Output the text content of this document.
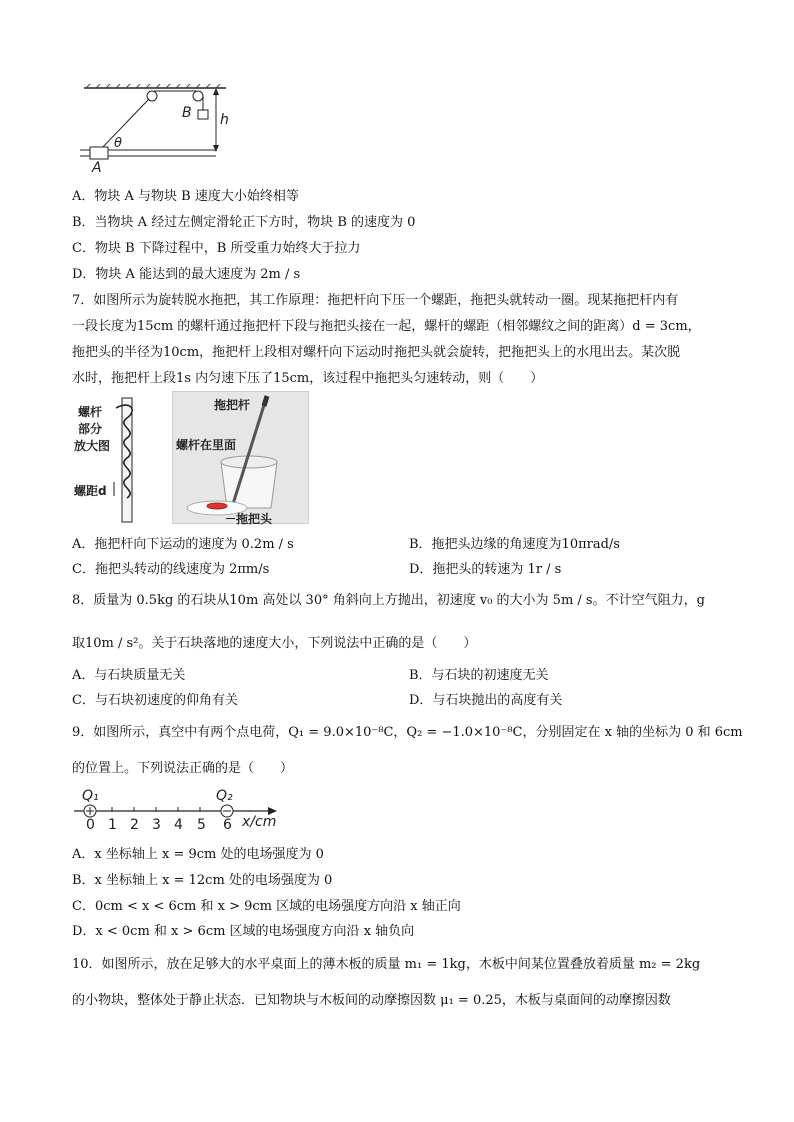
B h
θ
A
A．物块 A 与物块 B 速度大小始终相等
B．当物块 A 经过左侧定滑轮正下方时，物块 B 的速度为 0
C．物块 B 下降过程中，B 所受重力始终大于拉力
D．物块 A 能达到的最大速度为 2m / s
7．如图所示为旋转脱水拖把，其工作原理：拖把杆向下压一个螺距，拖把头就转动一圈。现某拖把杆内有
一段长度为15cm 的螺杆通过拖把杆下段与拖把头接在一起，螺杆的螺距（相邻螺纹之间的距离）d = 3cm，
拖把头的半径为10cm，拖把杆上段相对螺杆向下运动时拖把头就会旋转，把拖把头上的水甩出去。某次脱
水时，拖把杆上段1s 内匀速下压了15cm，该过程中拖把头匀速转动，则（　　）
螺杆
部分
放大图
螺距d
拖把杆
螺杆在里面
拖把头
A．拖把杆向下运动的速度为 0.2m / s	B．拖把头边缘的角速度为10πrad/s
C．拖把头转动的线速度为 2πm/s	D．拖把头的转速为 1r / s
8．质量为 0.5kg 的石块从10m 高处以 30° 角斜向上方抛出，初速度 v₀ 的大小为 5m / s。不计空气阻力，g
取10m / s²。关于石块落地的速度大小，下列说法中正确的是（　　）
A．与石块质量无关	B．与石块的初速度无关
C．与石块初速度的仰角有关	D．与石块抛出的高度有关
9．如图所示，真空中有两个点电荷，Q₁ = 9.0×10⁻⁸C，Q₂ = −1.0×10⁻⁸C，分别固定在 x 轴的坐标为 0 和 6cm
的位置上。下列说法正确的是（　　）
Q₁	Q₂
0 1 2 3 4 5 6 x/cm
A．x 坐标轴上 x = 9cm 处的电场强度为 0
B．x 坐标轴上 x = 12cm 处的电场强度为 0
C．0cm < x < 6cm 和 x > 9cm 区域的电场强度方向沿 x 轴正向
D．x < 0cm 和 x > 6cm 区域的电场强度方向沿 x 轴负向
10．如图所示，放在足够大的水平桌面上的薄木板的质量 m₁ = 1kg，木板中间某位置叠放着质量 m₂ = 2kg
的小物块，整体处于静止状态．已知物块与木板间的动摩擦因数 μ₁ = 0.25，木板与桌面间的动摩擦因数
